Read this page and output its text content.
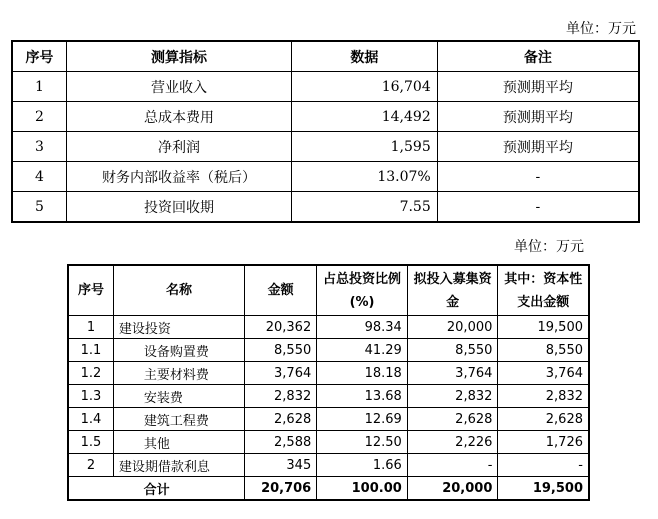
单位：万元
序号	测算指标	数据	备注
1	营业收入	16,704	预测期平均
2	总成本费用	14,492	预测期平均
3	净利润	1,595	预测期平均
4	财务内部收益率（税后）	13.07%	-
5	投资回收期	7.55	-
单位：万元
序号	名称	金额	占总投资比例(%)	拟投入募集资金	其中：资本性支出金额
1	建设投资	20,362	98.34	20,000	19,500
1.1	设备购置费	8,550	41.29	8,550	8,550
1.2	主要材料费	3,764	18.18	3,764	3,764
1.3	安装费	2,832	13.68	2,832	2,832
1.4	建筑工程费	2,628	12.69	2,628	2,628
1.5	其他	2,588	12.50	2,226	1,726
2	建设期借款利息	345	1.66	-	-
合计		20,706	100.00	20,000	19,500
